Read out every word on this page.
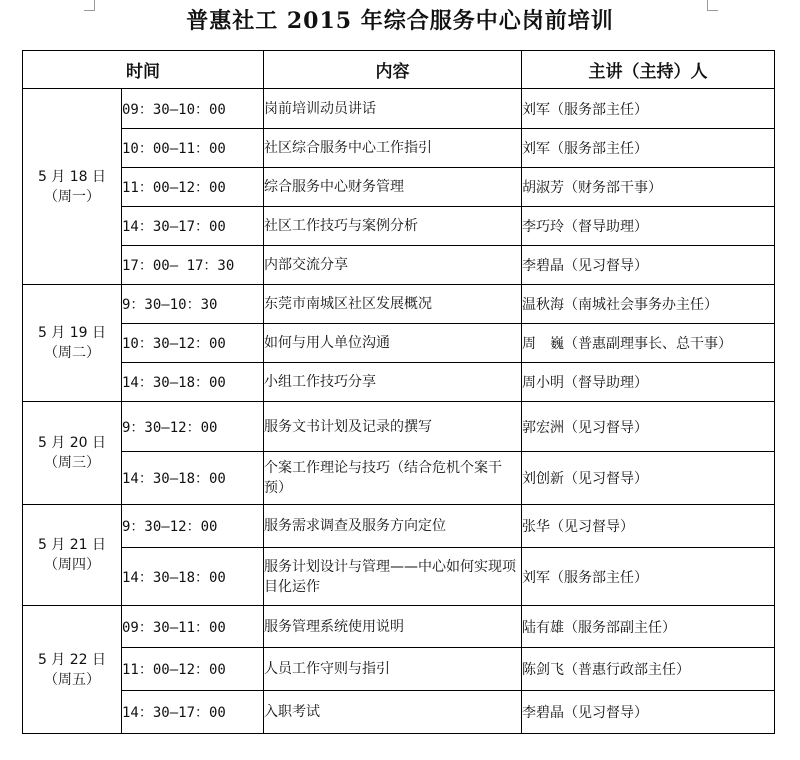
普惠社工 2015 年综合服务中心岗前培训
时间		内容	主讲（主持）人

5 月 18 日
（周一）	09：30—10：00	岗前培训动员讲话	刘军（服务部主任）
	10：00—11：00	社区综合服务中心工作指引	刘军（服务部主任）
	11：00—12：00	综合服务中心财务管理	胡淑芳（财务部干事）
	14：30—17：00	社区工作技巧与案例分析	李巧玲（督导助理）
	17：00— 17：30	内部交流分享	李碧晶（见习督导）

5 月 19 日
（周二）	9：30—10：30	东莞市南城区社区发展概况	温秋海（南城社会事务办主任）
	10：30—12：00	如何与用人单位沟通	周　巍（普惠副理事长、总干事）
	14：30—18：00	小组工作技巧分享	周小明（督导助理）

5 月 20 日
（周三）	9：30—12：00	服务文书计划及记录的撰写	郭宏洲（见习督导）
	14：30—18：00	个案工作理论与技巧（结合危机个案干预）	刘创新（见习督导）

5 月 21 日
（周四）	9：30—12：00	服务需求调查及服务方向定位	张华（见习督导）
	14：30—18：00	服务计划设计与管理——中心如何实现项目化运作	刘军（服务部主任）

5 月 22 日
（周五）	09：30—11：00	服务管理系统使用说明	陆有雄（服务部副主任）
	11：00—12：00	人员工作守则与指引	陈剑飞（普惠行政部主任）
	14：30—17：00	入职考试	李碧晶（见习督导）
